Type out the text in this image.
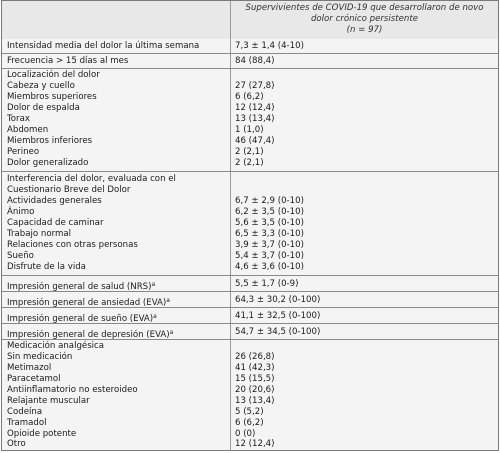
Supervivientes de COVID-19 que desarrollaron de novo
dolor crónico persistente
(n = 97)
Intensidad media del dolor la última semana	7,3 ± 1,4 (4-10)
Frecuencia > 15 días al mes	84 (88,4)
Localización del dolor
Cabeza y cuello	27 (27,8)
Miembros superiores	6 (6,2)
Dolor de espalda	12 (12,4)
Torax	13 (13,4)
Abdomen	1 (1,0)
Miembros inferiores	46 (47,4)
Perineo	2 (2,1)
Dolor generalizado	2 (2,1)
Interferencia del dolor, evaluada con el
Cuestionario Breve del Dolor
Actividades generales	6,7 ± 2,9 (0-10)
Ánimo	6,2 ± 3,5 (0-10)
Capacidad de caminar	5,6 ± 3,5 (0-10)
Trabajo normal	6,5 ± 3,3 (0-10)
Relaciones con otras personas	3,9 ± 3,7 (0-10)
Sueño	5,4 ± 3,7 (0-10)
Disfrute de la vida	4,6 ± 3,6 (0-10)
Impresión general de salud (NRS)$^a$	5,5 ± 1,7 (0-9)
Impresión general de ansiedad (EVA)$^a$	64,3 ± 30,2 (0-100)
Impresión general de sueño (EVA)$^a$	41,1 ± 32,5 (0-100)
Impresión general de depresión (EVA)$^a$	54,7 ± 34,5 (0-100)
Medicación analgésica
Sin medicación	26 (26,8)
Metimazol	41 (42,3)
Paracetamol	15 (15,5)
Antiinflamatorio no esteroideo	20 (20,6)
Relajante muscular	13 (13,4)
Codeína	5 (5,2)
Tramadol	6 (6,2)
Opioide potente	0 (0)
Otro	12 (12,4)
